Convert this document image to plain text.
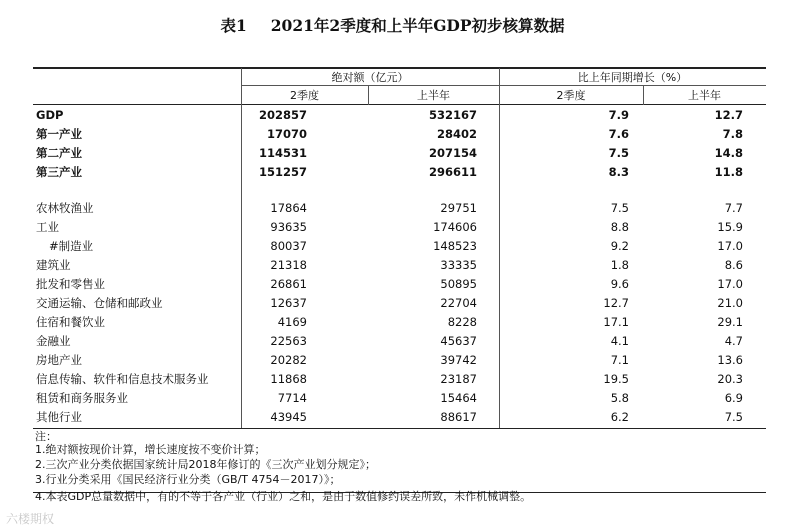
表1 2021年2季度和上半年GDP初步核算数据
绝对额（亿元）	比上年同期增长（%）
2季度	上半年	2季度	上半年
GDP	202857	532167	7.9	12.7
第一产业	17070	28402	7.6	7.8
第二产业	114531	207154	7.5	14.8
第三产业	151257	296611	8.3	11.8
农林牧渔业	17864	29751	7.5	7.7
工业	93635	174606	8.8	15.9
#制造业	80037	148523	9.2	17.0
建筑业	21318	33335	1.8	8.6
批发和零售业	26861	50895	9.6	17.0
交通运输、仓储和邮政业	12637	22704	12.7	21.0
住宿和餐饮业	4169	8228	17.1	29.1
金融业	22563	45637	4.1	4.7
房地产业	20282	39742	7.1	13.6
信息传输、软件和信息技术服务业	11868	23187	19.5	20.3
租赁和商务服务业	7714	15464	5.8	6.9
其他行业	43945	88617	6.2	7.5
注：
1.绝对额按现价计算，增长速度按不变价计算；
2.三次产业分类依据国家统计局2018年修订的《三次产业划分规定》；
3.行业分类采用《国民经济行业分类（GB/T 4754－2017）》；
4.本表GDP总量数据中，有的不等于各产业（行业）之和，是由于数值修约误差所致，未作机械调整。
六楼期权
